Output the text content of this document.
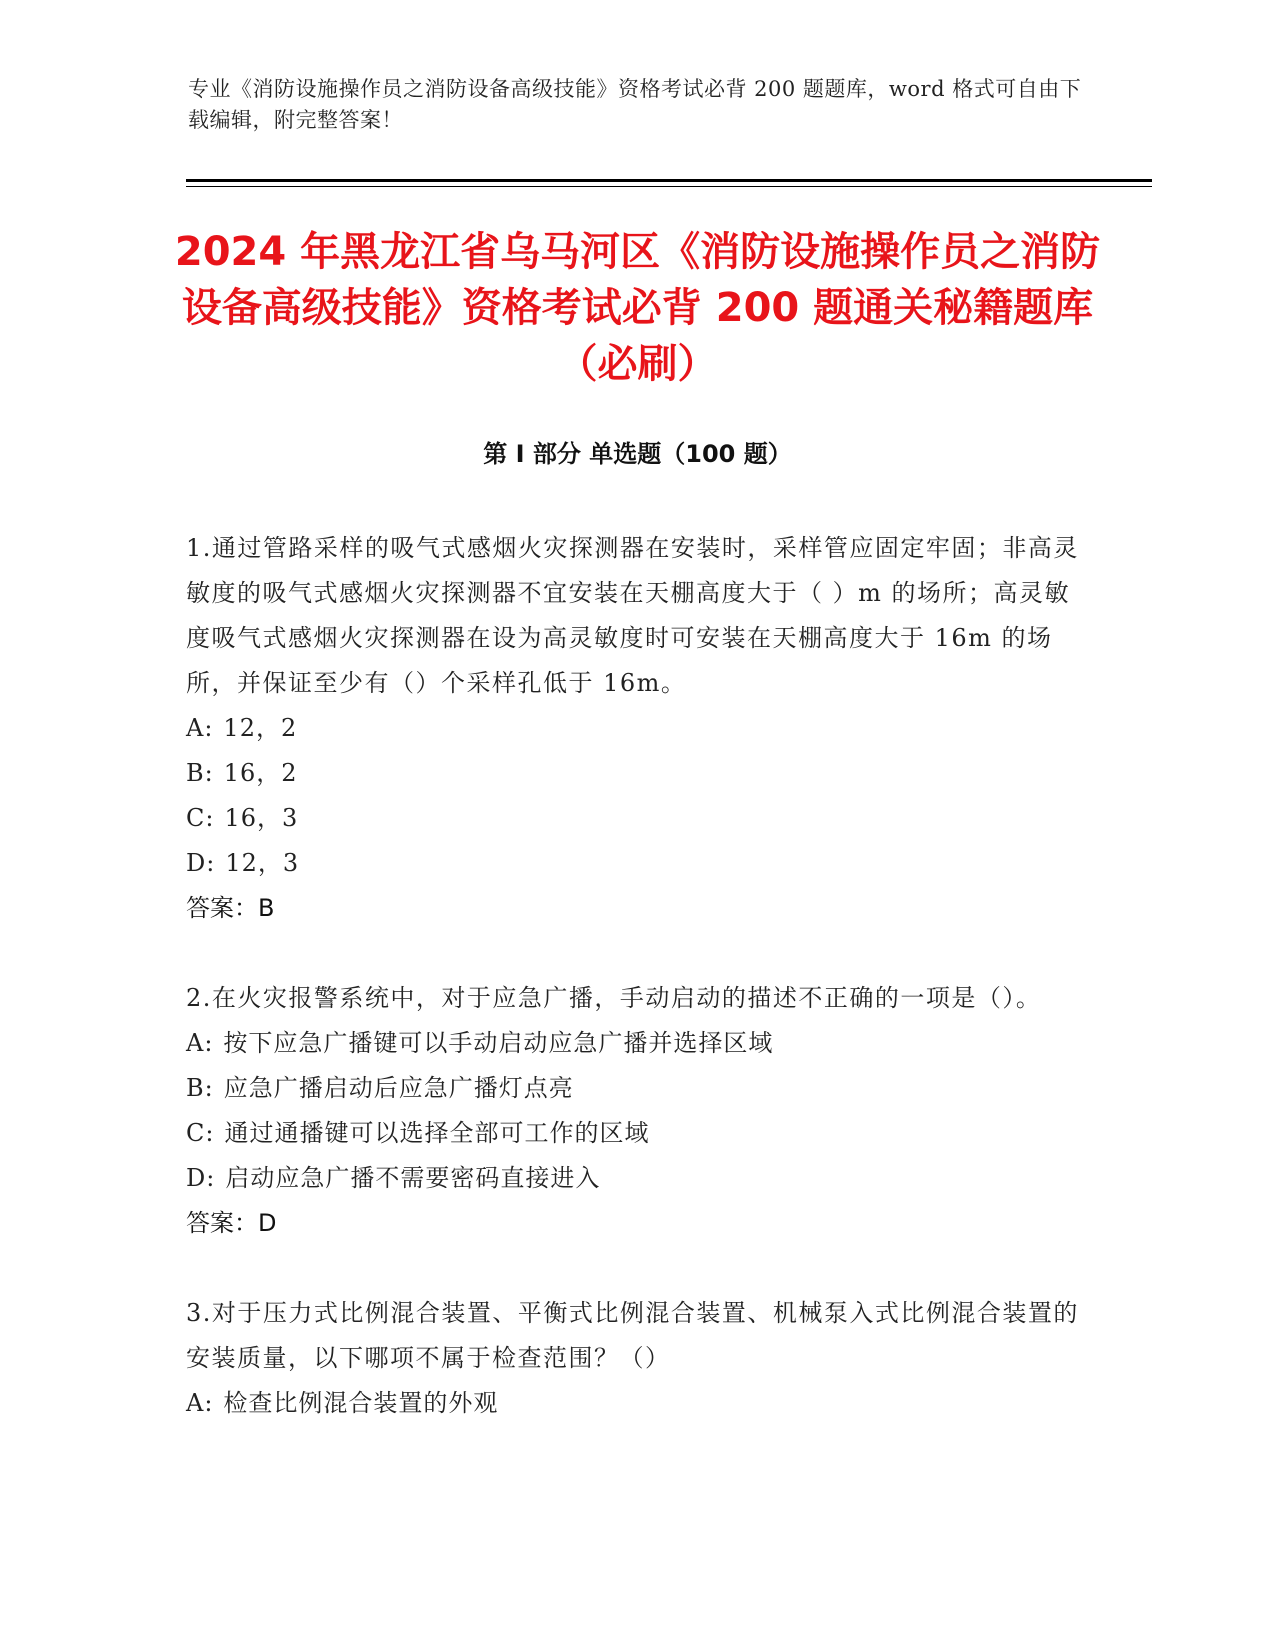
专业《消防设施操作员之消防设备高级技能》资格考试必背 200 题题库，word 格式可自由下载编辑，附完整答案！
2024 年黑龙江省乌马河区《消防设施操作员之消防设备高级技能》资格考试必背 200 题通关秘籍题库（必刷）
第 I 部分 单选题（100 题）

1.通过管路采样的吸气式感烟火灾探测器在安装时，采样管应固定牢固；非高灵敏度的吸气式感烟火灾探测器不宜安装在天棚高度大于（ ）m 的场所；高灵敏度吸气式感烟火灾探测器在设为高灵敏度时可安装在天棚高度大于 16m 的场所，并保证至少有（）个采样孔低于 16m。

A: 12，2

B: 16，2

C: 16，3

D: 12，3

答案：B

2.在火灾报警系统中，对于应急广播，手动启动的描述不正确的一项是（）。

A: 按下应急广播键可以手动启动应急广播并选择区域

B: 应急广播启动后应急广播灯点亮

C: 通过通播键可以选择全部可工作的区域

D: 启动应急广播不需要密码直接进入

答案：D

3.对于压力式比例混合装置、平衡式比例混合装置、机械泵入式比例混合装置的安装质量，以下哪项不属于检查范围？（）

A: 检查比例混合装置的外观
